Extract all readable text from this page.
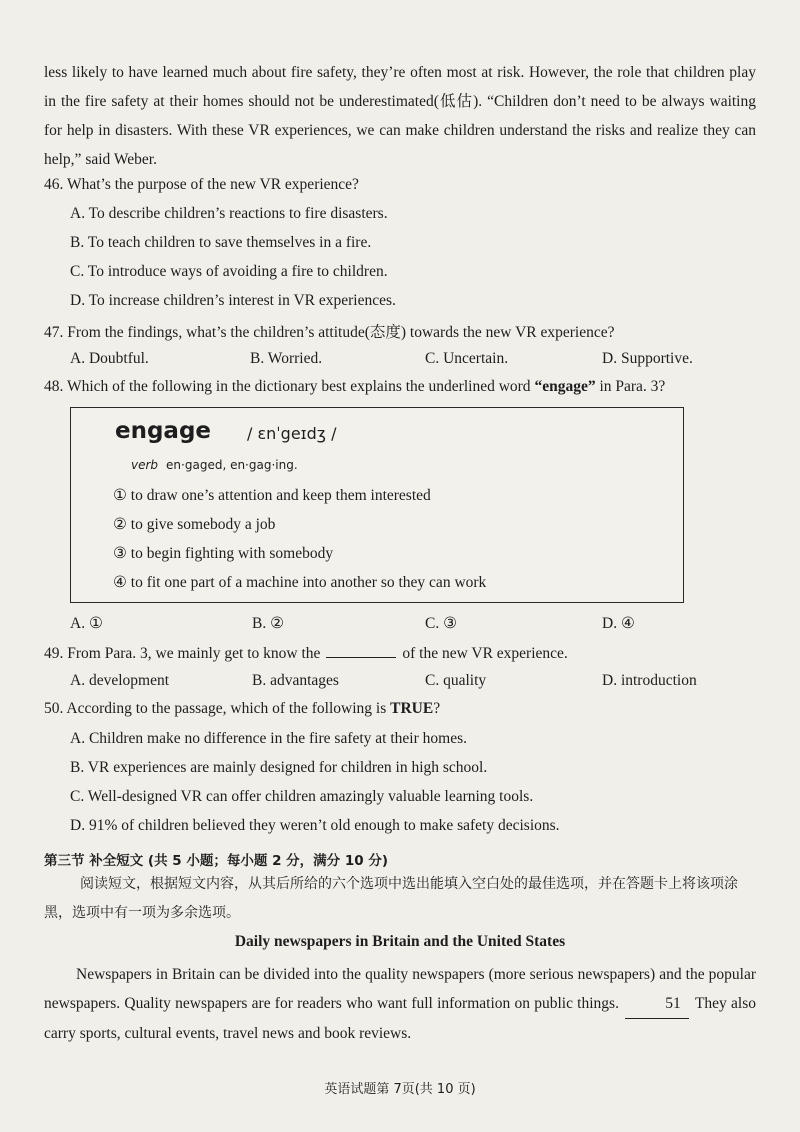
less likely to have learned much about fire safety, they’re often most at risk. However, the role that children play in the fire safety at their homes should not be underestimated(低估). “Children don’t need to be always waiting for help in disasters. With these VR experiences, we can make children understand the risks and realize they can help,” said Weber.
46. What’s the purpose of the new VR experience?
A. To describe children’s reactions to fire disasters.
B. To teach children to save themselves in a fire.
C. To introduce ways of avoiding a fire to children.
D. To increase children’s interest in VR experiences.
47. From the findings, what’s the children’s attitude(态度) towards the new VR experience?
A. Doubtful.	B. Worried.	C. Uncertain.	D. Supportive.
48. Which of the following in the dictionary best explains the underlined word “engage” in Para. 3?
engage / ɛnˈgeɪdʒ /
verb en·gaged, en·gag·ing.
① to draw one’s attention and keep them interested
② to give somebody a job
③ to begin fighting with somebody
④ to fit one part of a machine into another so they can work
A. ①	B. ②	C. ③	D. ④
49. From Para. 3, we mainly get to know the	of the new VR experience.
A. development	B. advantages	C. quality	D. introduction
50. According to the passage, which of the following is TRUE?
A. Children make no difference in the fire safety at their homes.
B. VR experiences are mainly designed for children in high school.
C. Well-designed VR can offer children amazingly valuable learning tools.
D. 91% of children believed they weren’t old enough to make safety decisions.
第三节 补全短文 (共 5 小题；每小题 2 分，满分 10 分)
阅读短文，根据短文内容，从其后所给的六个选项中选出能填入空白处的最佳选项，并在答题卡上将该项涂黑，选项中有一项为多余选项。
Daily newspapers in Britain and the United States
Newspapers in Britain can be divided into the quality newspapers (more serious newspapers) and the popular newspapers. Quality newspapers are for readers who want full information on public things.	51 They also carry sports, cultural events, travel news and book reviews.
英语试题第 7页(共 10 页)
